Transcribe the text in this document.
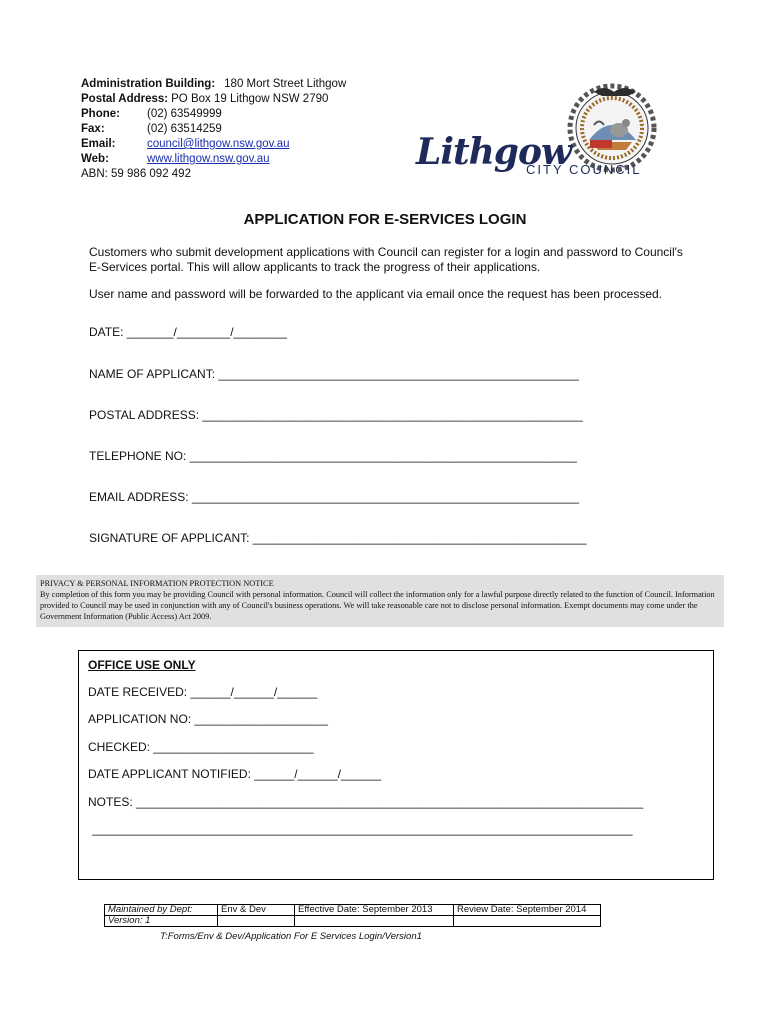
Administration Building: 180 Mort Street Lithgow
Postal Address: PO Box 19 Lithgow NSW 2790
Phone:	(02) 63549999
Fax:	(02) 63514259
Email:	council@lithgow.nsw.gov.au
Web:	www.lithgow.nsw.gov.au
ABN: 59 986 092 492
Lithgow
CITY COUNCIL
APPLICATION FOR E-SERVICES LOGIN
Customers who submit development applications with Council can register for a login and password to Council's E-Services portal. This will allow applicants to track the progress of their applications.
User name and password will be forwarded to the applicant via email once the request has been processed.
DATE: _______/________/________
NAME OF APPLICANT: ______________________________________________________
POSTAL ADDRESS: _________________________________________________________
TELEPHONE NO: __________________________________________________________
EMAIL ADDRESS: __________________________________________________________
SIGNATURE OF APPLICANT: __________________________________________________
PRIVACY & PERSONAL INFORMATION PROTECTION NOTICE
By completion of this form you may be providing Council with personal information. Council will collect the information only for a lawful purpose directly related to the function of Council. Information provided to Council may be used in conjunction with any of Council's business operations. We will take reasonable care not to disclose personal information. Exempt documents may come under the Government Information (Public Access) Act 2009.
OFFICE USE ONLY
DATE RECEIVED: ______/______/______
APPLICATION NO: ____________________
CHECKED: ________________________
DATE APPLICANT NOTIFIED: ______/______/______
NOTES: ____________________________________________________________________________
_________________________________________________________________________________
Maintained by Dept:	Env & Dev	Effective Date: September 2013	Review Date: September 2014
Version: 1			
T:Forms/Env & Dev/Application For E Services Login/Version1
